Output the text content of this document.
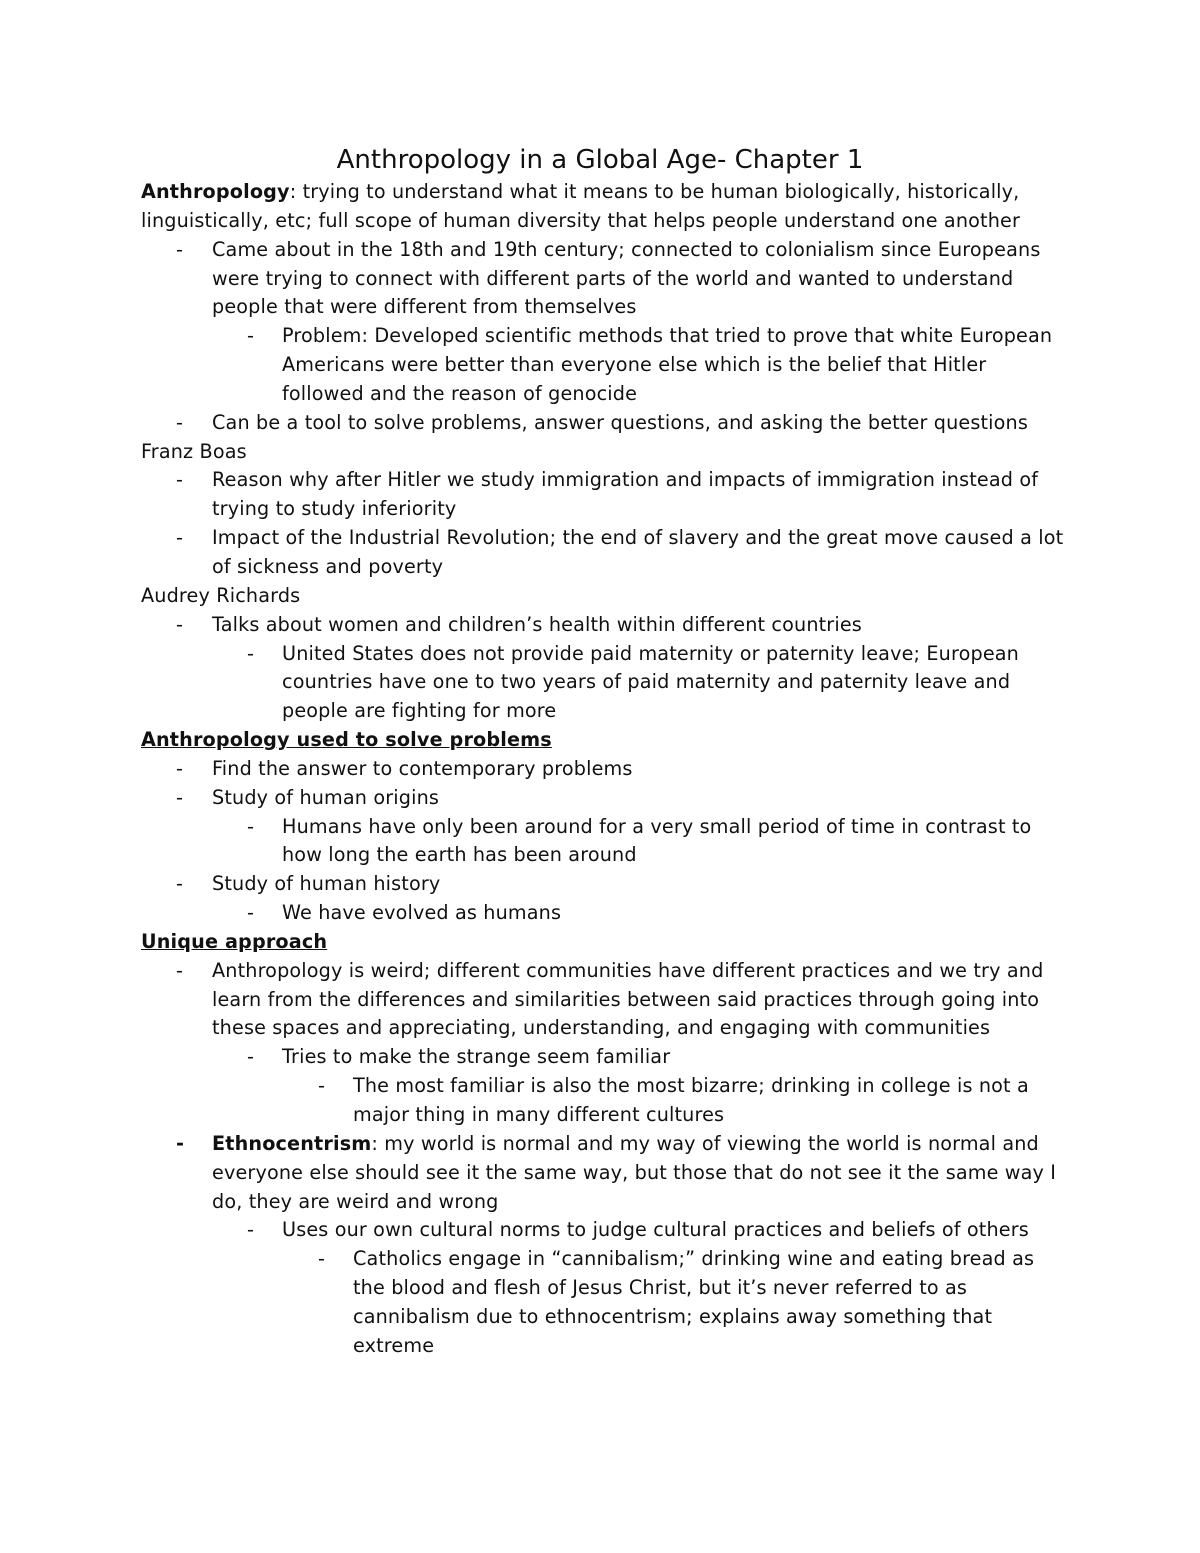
Anthropology in a Global Age- Chapter 1
Anthropology: trying to understand what it means to be human biologically, historically,
linguistically, etc; full scope of human diversity that helps people understand one another
- Came about in the 18th and 19th century; connected to colonialism since Europeans
were trying to connect with different parts of the world and wanted to understand
people that were different from themselves
- Problem: Developed scientific methods that tried to prove that white European
Americans were better than everyone else which is the belief that Hitler
followed and the reason of genocide
- Can be a tool to solve problems, answer questions, and asking the better questions
Franz Boas
- Reason why after Hitler we study immigration and impacts of immigration instead of
trying to study inferiority
- Impact of the Industrial Revolution; the end of slavery and the great move caused a lot
of sickness and poverty
Audrey Richards
- Talks about women and children’s health within different countries
- United States does not provide paid maternity or paternity leave; European
countries have one to two years of paid maternity and paternity leave and
people are fighting for more
Anthropology used to solve problems
- Find the answer to contemporary problems
- Study of human origins
- Humans have only been around for a very small period of time in contrast to
how long the earth has been around
- Study of human history
- We have evolved as humans
Unique approach
- Anthropology is weird; different communities have different practices and we try and
learn from the differences and similarities between said practices through going into
these spaces and appreciating, understanding, and engaging with communities
- Tries to make the strange seem familiar
- The most familiar is also the most bizarre; drinking in college is not a
major thing in many different cultures
- Ethnocentrism: my world is normal and my way of viewing the world is normal and
everyone else should see it the same way, but those that do not see it the same way I
do, they are weird and wrong
- Uses our own cultural norms to judge cultural practices and beliefs of others
- Catholics engage in “cannibalism;” drinking wine and eating bread as
the blood and flesh of Jesus Christ, but it’s never referred to as
cannibalism due to ethnocentrism; explains away something that
extreme
